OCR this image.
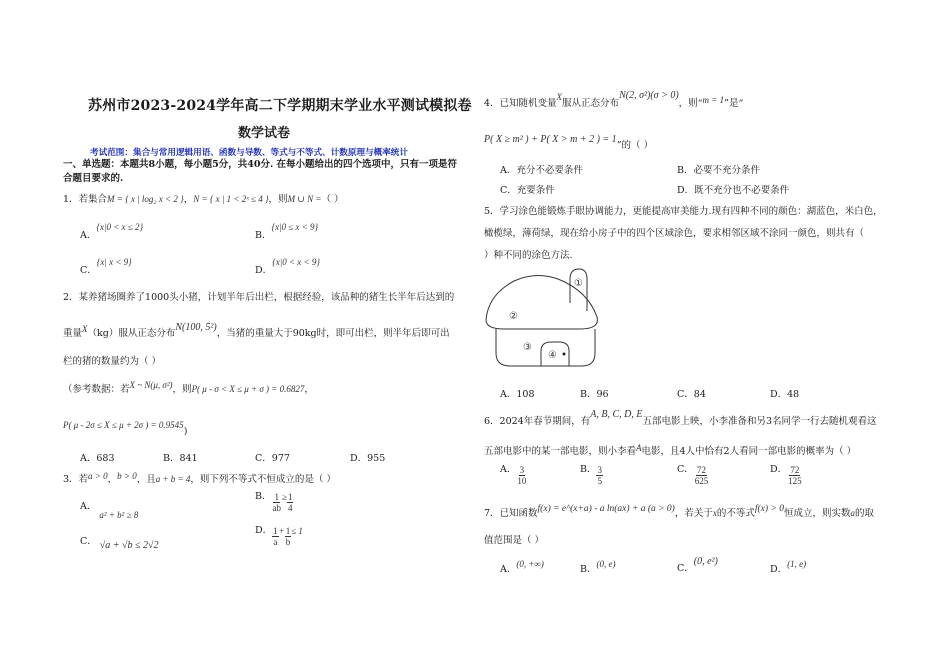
苏州市2023-2024学年高二下学期期末学业水平测试模拟卷
数学试卷
考试范围：集合与常用逻辑用语、函数与导数、等式与不等式、计数原理与概率统计
一、单选题：本题共8小题，每小题5分，共40分. 在每小题给出的四个选项中，只有一项是符
合题目要求的.
1．若集合M = { x | log₂ x < 2 }，N = { x | 1 < 2ˣ ≤ 4 }，则M ∪ N =（ ）
A．{x|0 < x ≤ 2}
B．{x|0 ≤ x < 9}
C．{x| x < 9}
D．{x|0 < x < 9}
2．某养猪场圈养了1000头小猪，计划半年后出栏，根据经验，该品种的猪生长半年后达到的
重量X（kg）服从正态分布N(100, 5²)，当猪的重量大于90kg时，即可出栏，则半年后即可出
栏的猪的数量约为（ ）
（参考数据：若X ~ N(μ, σ²)，则P( μ - σ < X ≤ μ + σ ) = 0.6827，
P( μ - 2σ ≤ X ≤ μ + 2σ ) = 0.9545)
A．683	B．841	C．977	D．955
3．若a > 0，b > 0，且a + b = 4，则下列不等式不恒成立的是（ ）
A．a² + b² ≥ 8
B． $\frac{1}{ab} \ge \frac{1}{4}$
C． √a + √b ≤ 2√2
D． $\frac{1}{a} + \frac{1}{b} \le 1$
4．已知随机变量X服从正态分布N(2, σ²)(σ > 0)，则“m = 1”是“
P( X ≥ m² ) + P( X > m + 2 ) = 1”的（ ）
A．充分不必要条件	B．必要不充分条件
C．充要条件	D．既不充分也不必要条件
5．学习涂色能锻炼手眼协调能力，更能提高审美能力.现有四种不同的颜色：湖蓝色，米白色，
橄榄绿，薄荷绿，现在给小房子中的四个区域涂色，要求相邻区域不涂同一颜色，则共有（
）种不同的涂色方法.
①
②
③
④
A．108	B．96	C．84	D．48
6．2024年春节期间，有A, B, C, D, E五部电影上映，小李准备和另3名同学一行去随机观看这
五部电影中的某一部电影，则小李看A电影，且4人中恰有2人看同一部电影的概率为（ ）
A． $\frac{3}{10}$	B． $\frac{3}{5}$	C． $\frac{72}{625}$	D． $\frac{72}{125}$
7．已知函数f(x) = e^(x+a) - a ln(ax) + a (a > 0)，若关于x的不等式f(x) > 0恒成立，则实数a的取
值范围是（ ）
A．(0, +∞)	B．(0, e)	C．(0, e²)
D．(1, e)
